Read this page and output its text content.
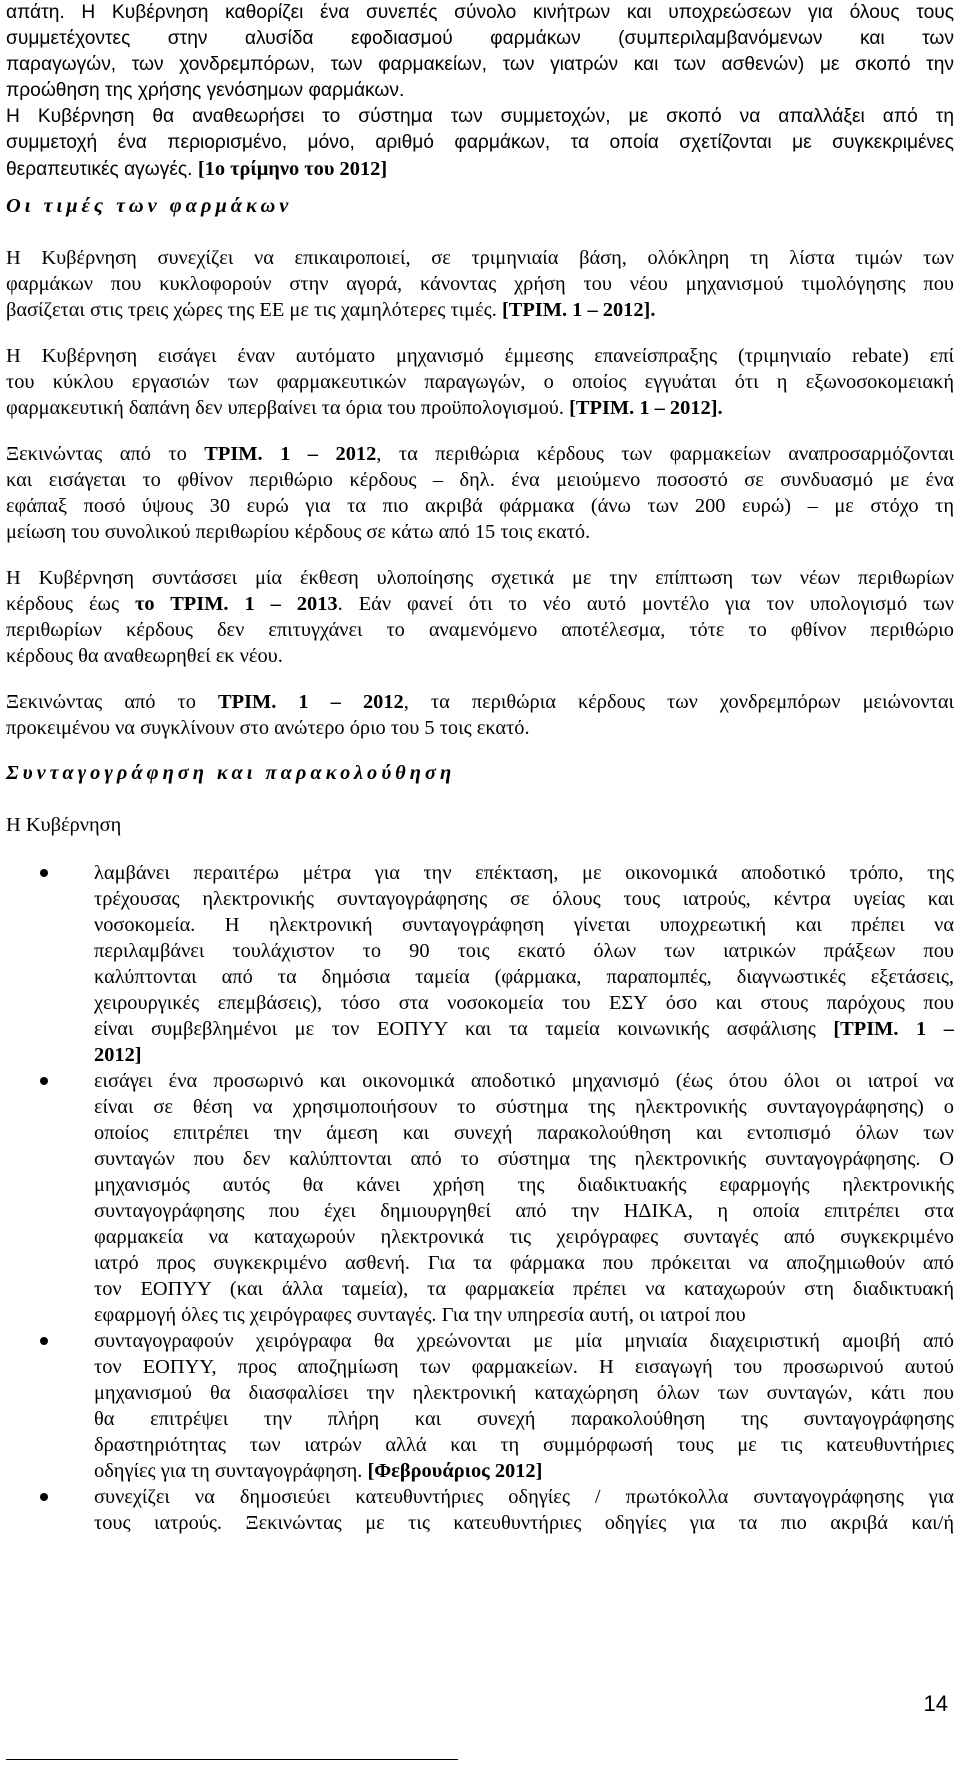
απάτη. Η Κυβέρνηση καθορίζει ένα συνεπές σύνολο κινήτρων και υποχρεώσεων για όλους τους
συμμετέχοντες στην αλυσίδα εφοδιασμού φαρμάκων (συμπεριλαμβανόμενων και των
παραγωγών, των χονδρεμπόρων, των φαρμακείων, των γιατρών και των ασθενών) με σκοπό την
προώθηση της χρήσης γενόσημων φαρμάκων.
Η Κυβέρνηση θα αναθεωρήσει το σύστημα των συμμετοχών, με σκοπό να απαλλάξει από τη
συμμετοχή ένα περιορισμένο, μόνο, αριθμό φαρμάκων, τα οποία σχετίζονται με συγκεκριμένες
θεραπευτικές αγωγές. [1ο τρίμηνο του 2012]
Οι τιμές των φαρμάκων
Η Κυβέρνηση συνεχίζει να επικαιροποιεί, σε τριμηνιαία βάση, ολόκληρη τη λίστα τιμών των
φαρμάκων που κυκλοφορούν στην αγορά, κάνοντας χρήση του νέου μηχανισμού τιμολόγησης που
βασίζεται στις τρεις χώρες της ΕΕ με τις χαμηλότερες τιμές. [ΤΡΙΜ. 1 – 2012].
Η Κυβέρνηση εισάγει έναν αυτόματο μηχανισμό έμμεσης επανείσπραξης (τριμηνιαίο rebate) επί
του κύκλου εργασιών των φαρμακευτικών παραγωγών, ο οποίος εγγυάται ότι η εξωνοσοκομειακή
φαρμακευτική δαπάνη δεν υπερβαίνει τα όρια του προϋπολογισμού. [ΤΡΙΜ. 1 – 2012].
Ξεκινώντας από το ΤΡΙΜ. 1 – 2012, τα περιθώρια κέρδους των φαρμακείων αναπροσαρμόζονται
και εισάγεται το φθίνον περιθώριο κέρδους – δηλ. ένα μειούμενο ποσοστό σε συνδυασμό με ένα
εφάπαξ ποσό ύψους 30 ευρώ για τα πιο ακριβά φάρμακα (άνω των 200 ευρώ) – με στόχο τη
μείωση του συνολικού περιθωρίου κέρδους σε κάτω από 15 τοις εκατό.
Η Κυβέρνηση συντάσσει μία έκθεση υλοποίησης σχετικά με την επίπτωση των νέων περιθωρίων
κέρδους έως το ΤΡΙΜ. 1 – 2013. Εάν φανεί ότι το νέο αυτό μοντέλο για τον υπολογισμό των
περιθωρίων κέρδους δεν επιτυγχάνει το αναμενόμενο αποτέλεσμα, τότε το φθίνον περιθώριο
κέρδους θα αναθεωρηθεί εκ νέου.
Ξεκινώντας από το ΤΡΙΜ. 1 – 2012, τα περιθώρια κέρδους των χονδρεμπόρων μειώνονται
προκειμένου να συγκλίνουν στο ανώτερο όριο του 5 τοις εκατό.
Συνταγογράφηση και παρακολούθηση
Η Κυβέρνηση
λαμβάνει περαιτέρω μέτρα για την επέκταση, με οικονομικά αποδοτικό τρόπο, της
τρέχουσας ηλεκτρονικής συνταγογράφησης σε όλους τους ιατρούς, κέντρα υγείας και
νοσοκομεία. Η ηλεκτρονική συνταγογράφηση γίνεται υποχρεωτική και πρέπει να
περιλαμβάνει τουλάχιστον το 90 τοις εκατό όλων των ιατρικών πράξεων που
καλύπτονται από τα δημόσια ταμεία (φάρμακα, παραπομπές, διαγνωστικές εξετάσεις,
χειρουργικές επεμβάσεις), τόσο στα νοσοκομεία του ΕΣΥ όσο και στους παρόχους που
είναι συμβεβλημένοι με τον ΕΟΠΥΥ και τα ταμεία κοινωνικής ασφάλισης [ΤΡΙΜ. 1 –
2012]
εισάγει ένα προσωρινό και οικονομικά αποδοτικό μηχανισμό (έως ότου όλοι οι ιατροί να
είναι σε θέση να χρησιμοποιήσουν το σύστημα της ηλεκτρονικής συνταγογράφησης) ο
οποίος επιτρέπει την άμεση και συνεχή παρακολούθηση και εντοπισμό όλων των
συνταγών που δεν καλύπτονται από το σύστημα της ηλεκτρονικής συνταγογράφησης. Ο
μηχανισμός αυτός θα κάνει χρήση της διαδικτυακής εφαρμογής ηλεκτρονικής
συνταγογράφησης που έχει δημιουργηθεί από την ΗΔΙΚΑ, η οποία επιτρέπει στα
φαρμακεία να καταχωρούν ηλεκτρονικά τις χειρόγραφες συνταγές από συγκεκριμένο
ιατρό προς συγκεκριμένο ασθενή. Για τα φάρμακα που πρόκειται να αποζημιωθούν από
τον ΕΟΠΥΥ (και άλλα ταμεία), τα φαρμακεία πρέπει να καταχωρούν στη διαδικτυακή
εφαρμογή όλες τις χειρόγραφες συνταγές. Για την υπηρεσία αυτή, οι ιατροί που
συνταγογραφούν χειρόγραφα θα χρεώνονται με μία μηνιαία διαχειριστική αμοιβή από
τον ΕΟΠΥΥ, προς αποζημίωση των φαρμακείων. Η εισαγωγή του προσωρινού αυτού
μηχανισμού θα διασφαλίσει την ηλεκτρονική καταχώρηση όλων των συνταγών, κάτι που
θα επιτρέψει την πλήρη και συνεχή παρακολούθηση της συνταγογράφησης
δραστηριότητας των ιατρών αλλά και τη συμμόρφωσή τους με τις κατευθυντήριες
οδηγίες για τη συνταγογράφηση. [Φεβρουάριος 2012]
συνεχίζει να δημοσιεύει κατευθυντήριες οδηγίες / πρωτόκολλα συνταγογράφησης για
τους ιατρούς. Ξεκινώντας με τις κατευθυντήριες οδηγίες για τα πιο ακριβά και/ή
14
